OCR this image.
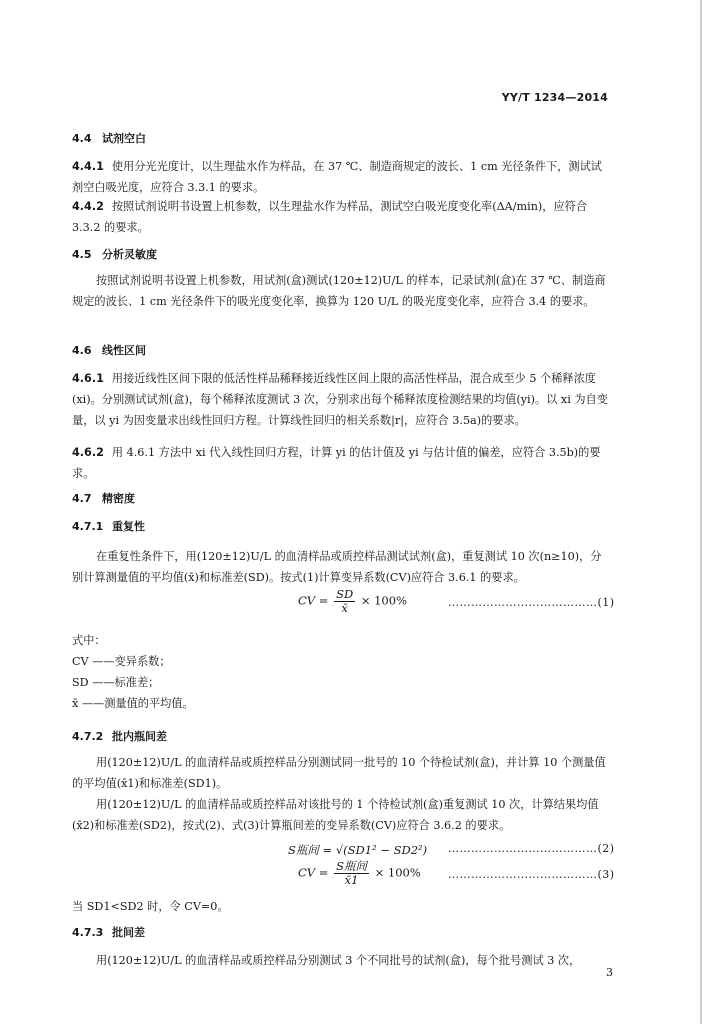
YY/T 1234—2014
4.4 试剂空白
4.4.1 使用分光光度计，以生理盐水作为样品，在 37 ℃、制造商规定的波长、1 cm 光径条件下，测试试剂空白吸光度，应符合 3.3.1 的要求。
4.4.2 按照试剂说明书设置上机参数，以生理盐水作为样品，测试空白吸光度变化率(ΔA/min)，应符合 3.3.2 的要求。
4.5 分析灵敏度
按照试剂说明书设置上机参数，用试剂(盒)测试(120±12)U/L 的样本，记录试剂(盒)在 37 ℃、制造商规定的波长、1 cm 光径条件下的吸光度变化率，换算为 120 U/L 的吸光度变化率，应符合 3.4 的要求。
4.6 线性区间
4.6.1 用接近线性区间下限的低活性样品稀释接近线性区间上限的高活性样品，混合成至少 5 个稀释浓度(xi)。分别测试试剂(盒)，每个稀释浓度测试 3 次，分别求出每个稀释浓度检测结果的均值(yi)。以 xi 为自变量，以 yi 为因变量求出线性回归方程。计算线性回归的相关系数|r|，应符合 3.5a)的要求。
4.6.2 用 4.6.1 方法中 xi 代入线性回归方程，计算 yi 的估计值及 yi 与估计值的偏差，应符合 3.5b)的要求。
4.7 精密度
4.7.1 重复性
在重复性条件下，用(120±12)U/L 的血清样品或质控样品测试试剂(盒)，重复测试 10 次(n≥10)，分别计算测量值的平均值(x̄)和标准差(SD)。按式(1)计算变异系数(CV)应符合 3.6.1 的要求。
CV = $\frac{SD}{x̄} \times 100\%$	…………………………………(1)
式中：
CV ——变异系数；
SD ——标准差；
x̄ ——测量值的平均值。
4.7.2 批内瓶间差
用(120±12)U/L 的血清样品或质控样品分别测试同一批号的 10 个待检试剂(盒)，并计算 10 个测量值的平均值(x̄1)和标准差(SD1)。
用(120±12)U/L 的血清样品或质控样品对该批号的 1 个待检试剂(盒)重复测试 10 次，计算结果均值(x̄2)和标准差(SD2)，按式(2)、式(3)计算瓶间差的变异系数(CV)应符合 3.6.2 的要求。
S瓶间 = √(SD1² − SD2²) …………………………………(2)
CV = $\frac{\text{S瓶间}}{x̄1} \times 100\%$ …………………………………(3)
当 SD1<SD2 时，令 CV=0。
4.7.3 批间差
用(120±12)U/L 的血清样品或质控样品分别测试 3 个不同批号的试剂(盒)，每个批号测试 3 次，
3
